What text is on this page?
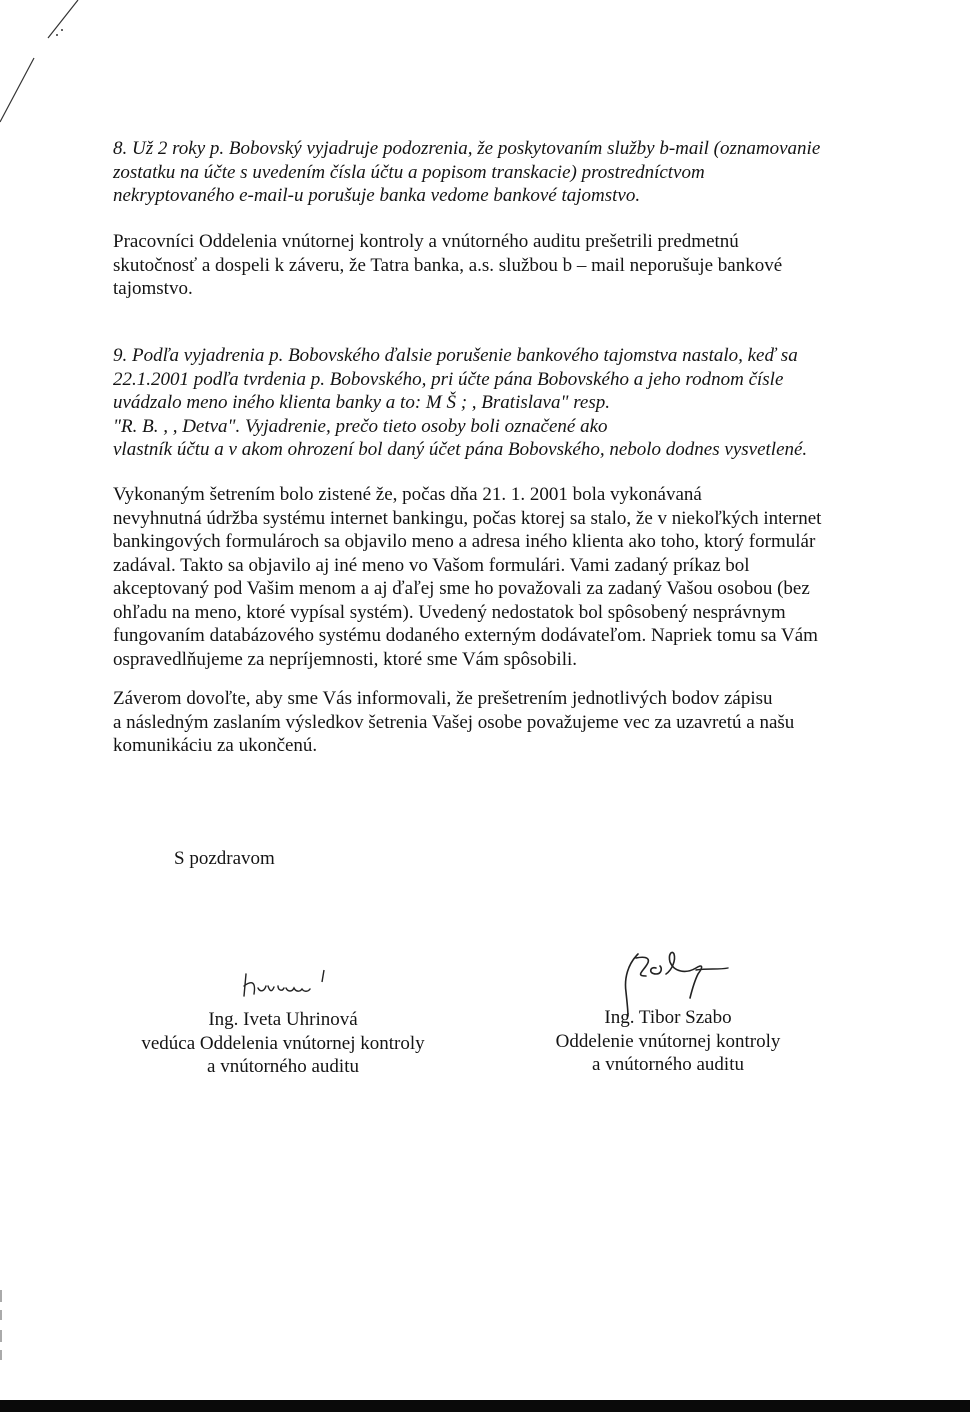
8. Už 2 roky p. Bobovský vyjadruje podozrenia, že poskytovaním služby b-mail (oznamovanie
zostatku na účte s uvedením čísla účtu a popisom transkacie) prostredníctvom
nekryptovaného e-mail-u porušuje banka vedome bankové tajomstvo.

Pracovníci Oddelenia vnútornej kontroly a vnútorného auditu prešetrili predmetnú
skutočnosť a dospeli k záveru, že Tatra banka, a.s. službou b – mail neporušuje bankové
tajomstvo.

9. Podľa vyjadrenia p. Bobovského ďalsie porušenie bankového tajomstva nastalo, keď sa
22.1.2001 podľa tvrdenia p. Bobovského, pri účte pána Bobovského a jeho rodnom čísle
uvádzalo meno iného klienta banky a to: M Š ; , Bratislava" resp.
"R. B. , , Detva". Vyjadrenie, prečo tieto osoby boli označené ako
vlastník účtu a v akom ohrození bol daný účet pána Bobovského, nebolo dodnes vysvetlené.

Vykonaným šetrením bolo zistené že, počas dňa 21. 1. 2001 bola vykonávaná
nevyhnutná údržba systému internet bankingu, počas ktorej sa stalo, že v niekoľkých internet
bankingových formulároch sa objavilo meno a adresa iného klienta ako toho, ktorý formulár
zadával. Takto sa objavilo aj iné meno vo Vašom formulári. Vami zadaný príkaz bol
akceptovaný pod Vašim menom a aj ďaľej sme ho považovali za zadaný Vašou osobou (bez
ohľadu na meno, ktoré vypísal systém). Uvedený nedostatok bol spôsobený nesprávnym
fungovaním databázového systému dodaného externým dodávateľom. Napriek tomu sa Vám
ospravedlňujeme za nepríjemnosti, ktoré sme Vám spôsobili.

Záverom dovoľte, aby sme Vás informovali, že prešetrením jednotlivých bodov zápisu
a následným zaslaním výsledkov šetrenia Vašej osobe považujeme vec za uzavretú a našu
komunikáciu za ukončenú.

S pozdravom

Ing. Iveta Uhrinová
vedúca Oddelenia vnútornej kontroly
a vnútorného auditu
Ing. Tibor Szabo
Oddelenie vnútornej kontroly
a vnútorného auditu
